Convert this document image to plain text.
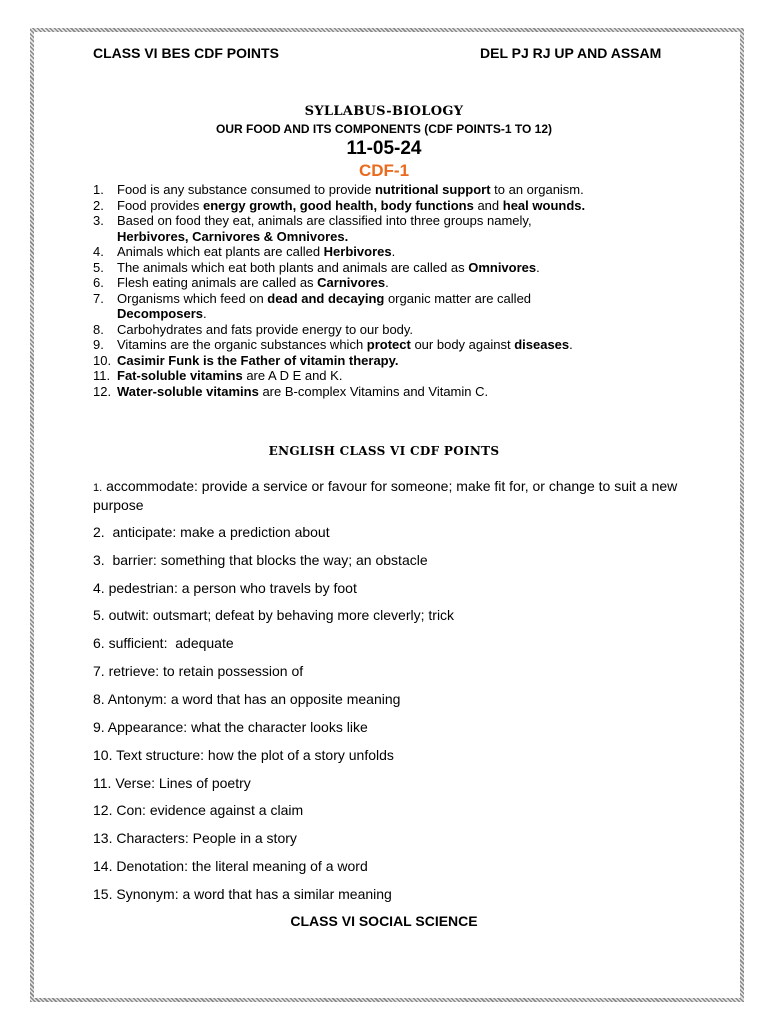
CLASS VI BES CDF POINTS	DEL PJ RJ UP AND ASSAM
SYLLABUS-BIOLOGY
OUR FOOD AND ITS COMPONENTS (CDF POINTS-1 TO 12)
11-05-24
CDF-1
1. Food is any substance consumed to provide nutritional support to an organism.
2. Food provides energy growth, good health, body functions and heal wounds.
3. Based on food they eat, animals are classified into three groups namely,
Herbivores, Carnivores & Omnivores.
4. Animals which eat plants are called Herbivores.
5. The animals which eat both plants and animals are called as Omnivores.
6. Flesh eating animals are called as Carnivores.
7. Organisms which feed on dead and decaying organic matter are called
Decomposers.
8. Carbohydrates and fats provide energy to our body.
9. Vitamins are the organic substances which protect our body against diseases.
10. Casimir Funk is the Father of vitamin therapy.
11. Fat-soluble vitamins are A D E and K.
12. Water-soluble vitamins are B-complex Vitamins and Vitamin C.
ENGLISH CLASS VI CDF POINTS
1. accommodate: provide a service or favour for someone; make fit for, or change to suit a new purpose
2.  anticipate: make a prediction about
3.  barrier: something that blocks the way; an obstacle
4. pedestrian: a person who travels by foot
5. outwit: outsmart; defeat by behaving more cleverly; trick
6. sufficient:  adequate
7. retrieve: to retain possession of
8. Antonym: a word that has an opposite meaning
9. Appearance: what the character looks like
10. Text structure: how the plot of a story unfolds
11. Verse: Lines of poetry
12. Con: evidence against a claim
13. Characters: People in a story
14. Denotation: the literal meaning of a word
15. Synonym: a word that has a similar meaning
CLASS VI SOCIAL SCIENCE
